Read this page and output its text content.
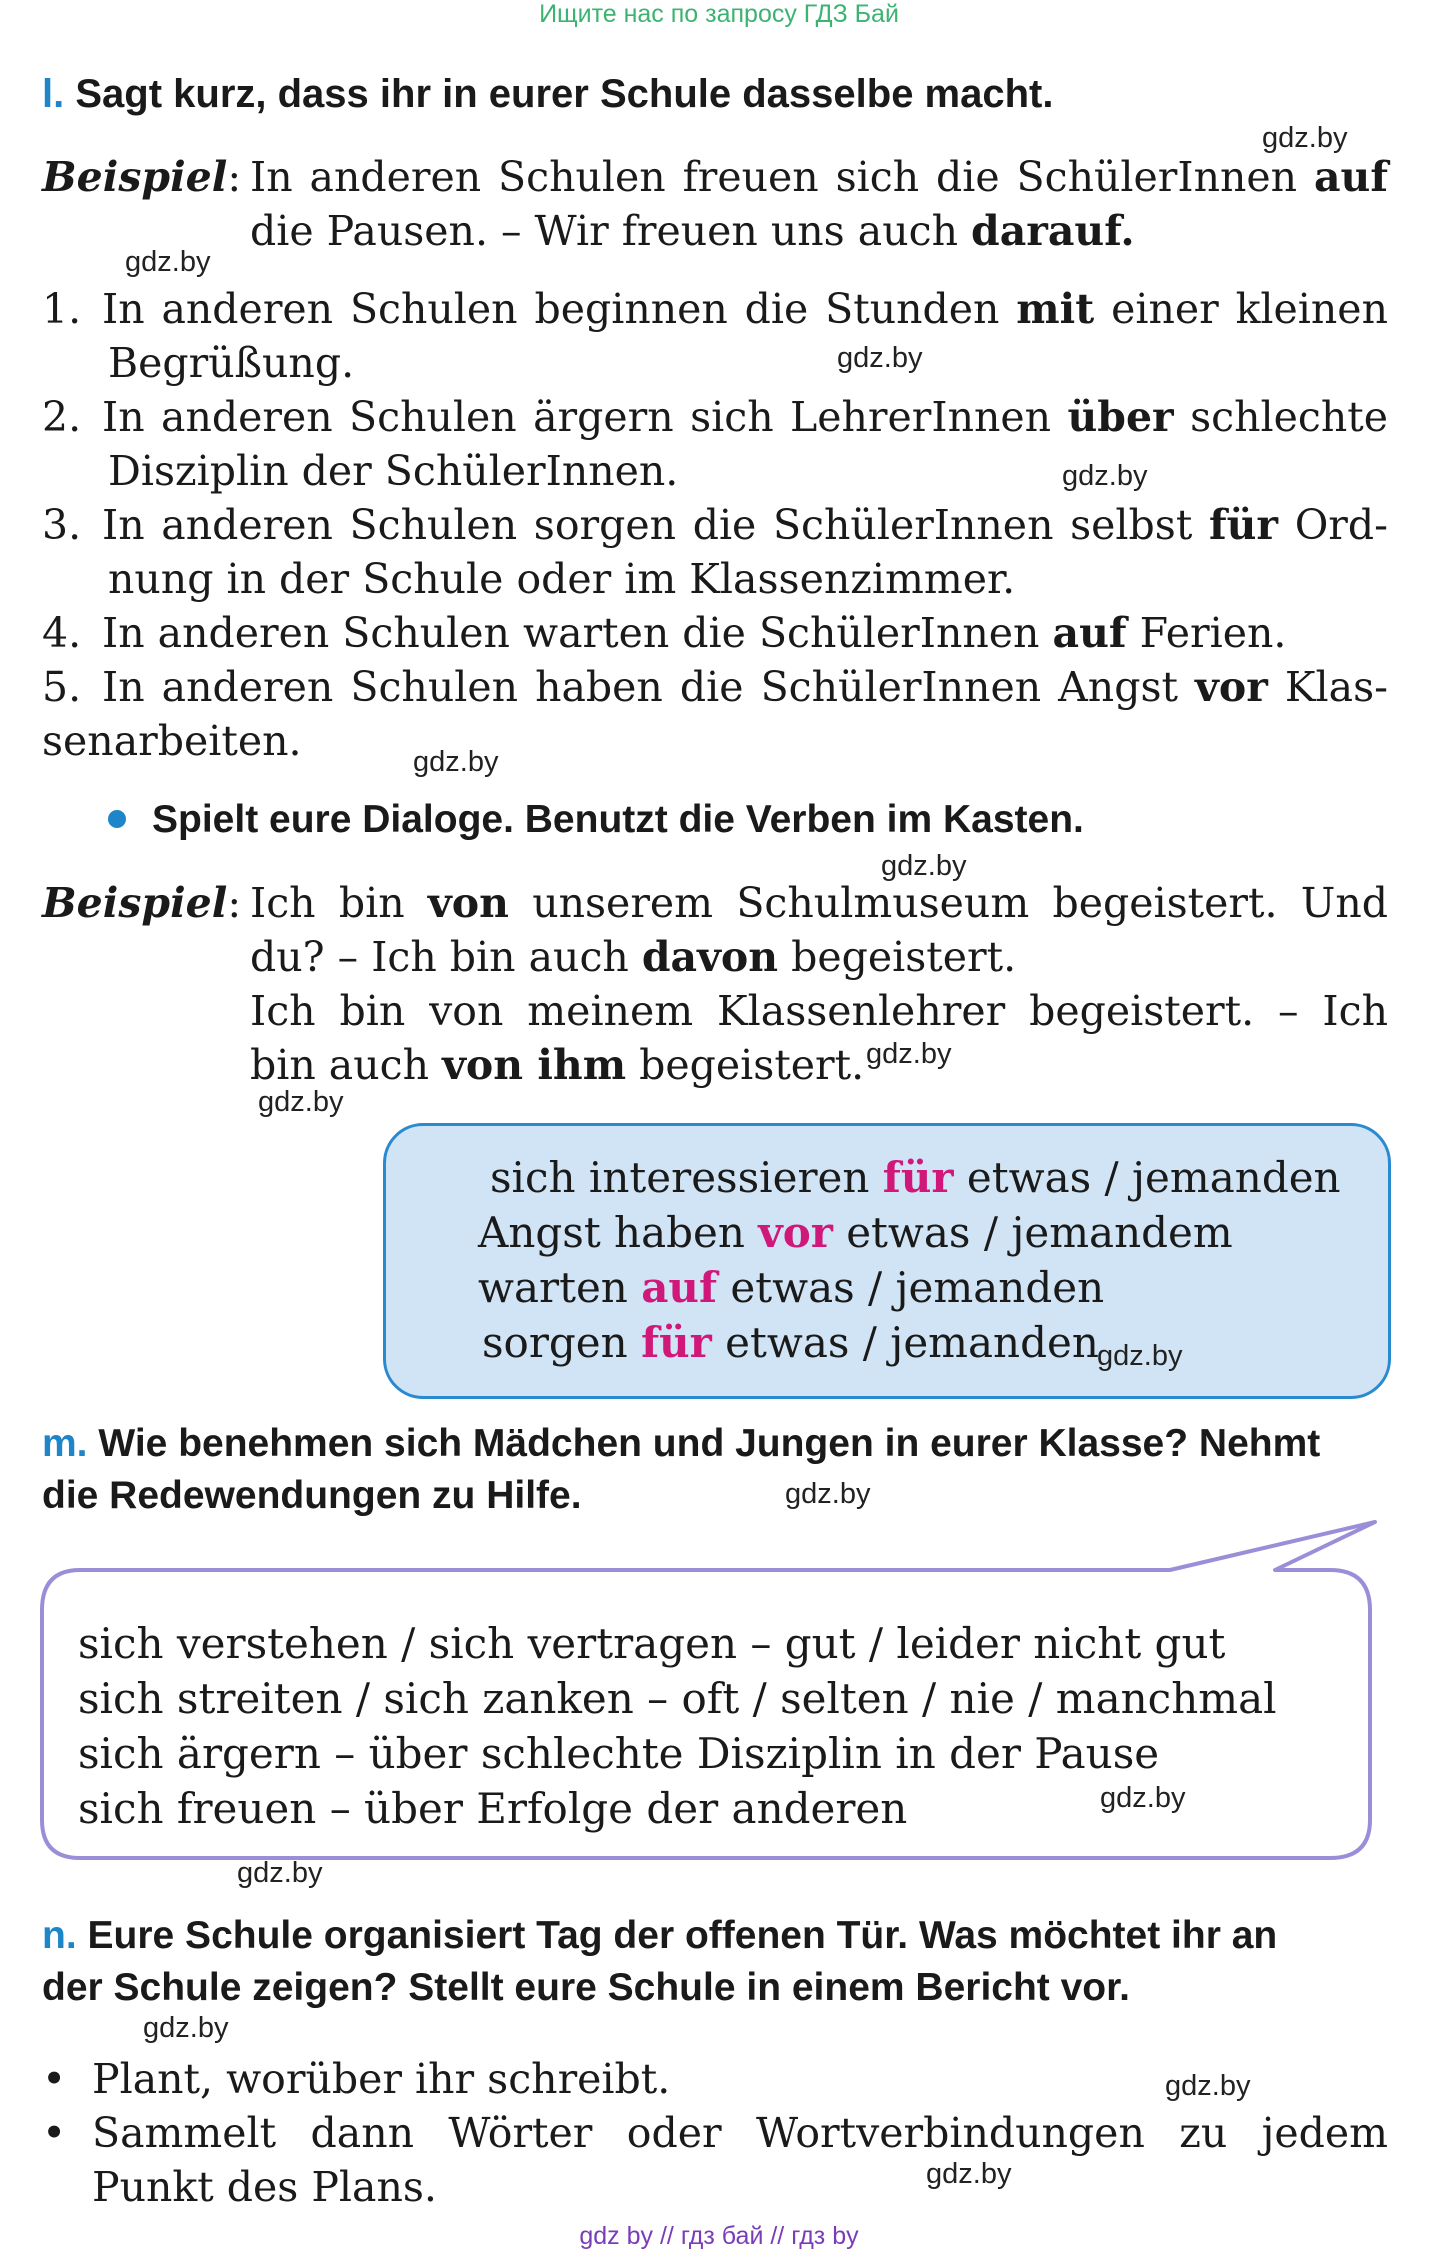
Ищите нас по запросу ГДЗ Бай
l. Sagt kurz, dass ihr in eurer Schule dasselbe macht.
gdz.by
Beispiel: In anderen Schulen freuen sich die SchülerInnen auf
die Pausen. – Wir freuen uns auch darauf.
gdz.by
1. In anderen Schulen beginnen die Stunden mit einer kleinen
Begrüßung.	gdz.by
2. In anderen Schulen ärgern sich LehrerInnen über schlechte
Disziplin der SchülerInnen.	gdz.by
3. In anderen Schulen sorgen die SchülerInnen selbst für Ord-
nung in der Schule oder im Klassenzimmer.
4. In anderen Schulen warten die SchülerInnen auf Ferien.
5. In anderen Schulen haben die SchülerInnen Angst vor Klas-
senarbeiten.	gdz.by
Spielt eure Dialoge. Benutzt die Verben im Kasten.
gdz.by
Beispiel: Ich bin von unserem Schulmuseum begeistert. Und
du? – Ich bin auch davon begeistert.
Ich bin von meinem Klassenlehrer begeistert. – Ich
bin auch von ihm begeistert. gdz.by
gdz.by
sich interessieren für etwas / jemanden
Angst haben vor etwas / jemandem
warten auf etwas / jemanden
sorgen für etwas / jemanden
gdz.by
m. Wie benehmen sich Mädchen und Jungen in eurer Klasse? Nehmt
die Redewendungen zu Hilfe.	gdz.by
sich verstehen / sich vertragen – gut / leider nicht gut
sich streiten / sich zanken – oft / selten / nie / manchmal
sich ärgern – über schlechte Disziplin in der Pause
sich freuen – über Erfolge der anderen	gdz.by
gdz.by
n. Eure Schule organisiert Tag der offenen Tür. Was möchtet ihr an
der Schule zeigen? Stellt eure Schule in einem Bericht vor.
gdz.by
• Plant, worüber ihr schreibt.	gdz.by
• Sammelt dann Wörter oder Wortverbindungen zu jedem
Punkt des Plans.	gdz.by
gdz by // гдз бай // гдз by
